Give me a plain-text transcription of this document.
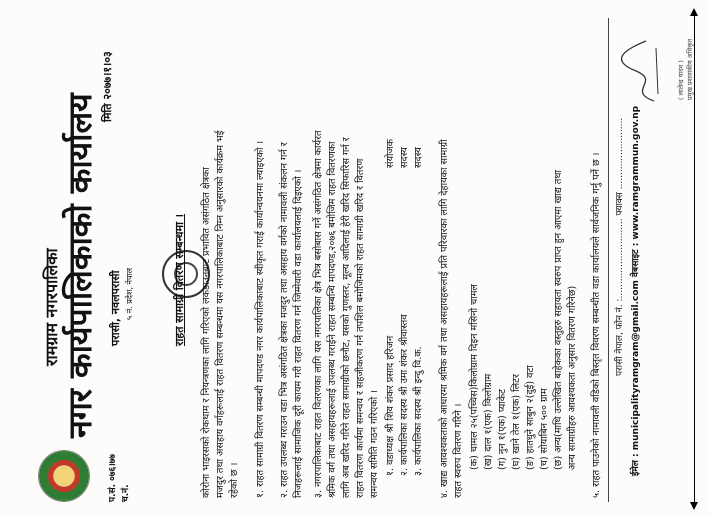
प.सं. ०७६।७७ च.नं.
रामग्राम नगरपालिका नगर कार्यपालिकाको कार्यालय परासी, नवलपरासी ५ नं. प्रदेश, नेपाल
मिति २०७७।१।०३
राहत सामाग्री वितरण सम्बन्धमा । कोरोना भाइरसको रोकथाम र नियन्त्रणका लागि गरिएको लकडाउनबाट प्रभावित असंगठित क्षेत्रका मजदुर तथा असहाय वर्गहरूलाई राहत वितरण सम्बन्धमा यस नगरपालिकाबाट निम्न अनुसारको कार्यक्रम भई रहेको छ । १. राहत सामाग्री वितरण सम्बन्धी मापदण्ड नगर कार्यपालिकाबाट स्वीकृत गराई कार्यान्वयनमा ल्याइएको । २. राहत उपलब्ध गराउन वडा भित्र असंगठित क्षेत्रका मजदुर तथा असहाय वर्गको नामावली संकलन गर्न र निजहरूलाई सामाजिक दूरी कायम गरी राहत वितरण गर्न जिम्मेवारी वडा कार्यालयलाई दिइएको । ३. नगरपालिकाबाट राहत वितरणका लागि यस नगरपालिका क्षेत्र भित्र बसोबास गर्ने असंगठित क्षेत्रमा कार्यरत श्रमिक वर्ग तथा असहायहरूलाई उपलब्ध गराईने राहत सम्बन्धि मापदण्ड,२०७६ बमोजिम राहत वितरणका लागि अब खरिद गरिने राहत सामाग्रीको छनौट, यसको गुणस्तर, मूल्य आदिलाई हेरी खरिद सिफारिस गर्न र राहत वितरण कार्यमा समन्वय र सहजीकरण गर्न तपशिल बमोजिमको राहत सामाग्री खरिद र वितरण समन्वय समिति गठन गरिएको । १. वडाध्यक्ष श्री शिव शंकर प्रसाद हरिजन
संयोजक
२. कार्यपालिका सदस्य श्री उमा शंकर श्रीवास्तव
सदस्य
३. कार्यपालिका सदस्य श्री इन्दु वि.क.
सदस्य ४. खाद्य आवश्यकताको आधारमा श्रमिक वर्ग तथा असहायहरूलाई प्रति परिवारका लागि देहायका सामाग्री राहत स्वरुप वितरण गरिने । (क) चामल २५(पच्चिस)किलोग्राम दिइन मसिनो चामल (ख) दाल १(एक) किलोग्राम (ग) नुन १(एक) प्याकेट (घ) खाने तेल १(एक) लिटर (ङ) हातधुने साबुन २(दुई) वटा (च) सोयाबिन ५०० ग्राम (छ) अन्य(माथि उल्लेखित बाहेकका वस्तुहरु सहायता स्वरुप प्राप्त हुन आएमा खाद्य तथा अन्य सामाग्रीहरु आवश्यकता अनुसार वितरण गरिनेछ) ५. राहत पाउनेको नामावली वडिको बिस्तृत विवरण सम्बन्धीत वडा कार्यालयले सार्वजनिक गर्नु पर्ने छ ।
( लालेन्द्र यादव ) प्रमुख प्रशासकीय अधिकृत
परासी नेपाल, फोन नं. :............................ फ्याक्स ......................... ईमेल : municipalityramgram@gmail.com वेबसाइट : www.ramgrammun.gov.np
